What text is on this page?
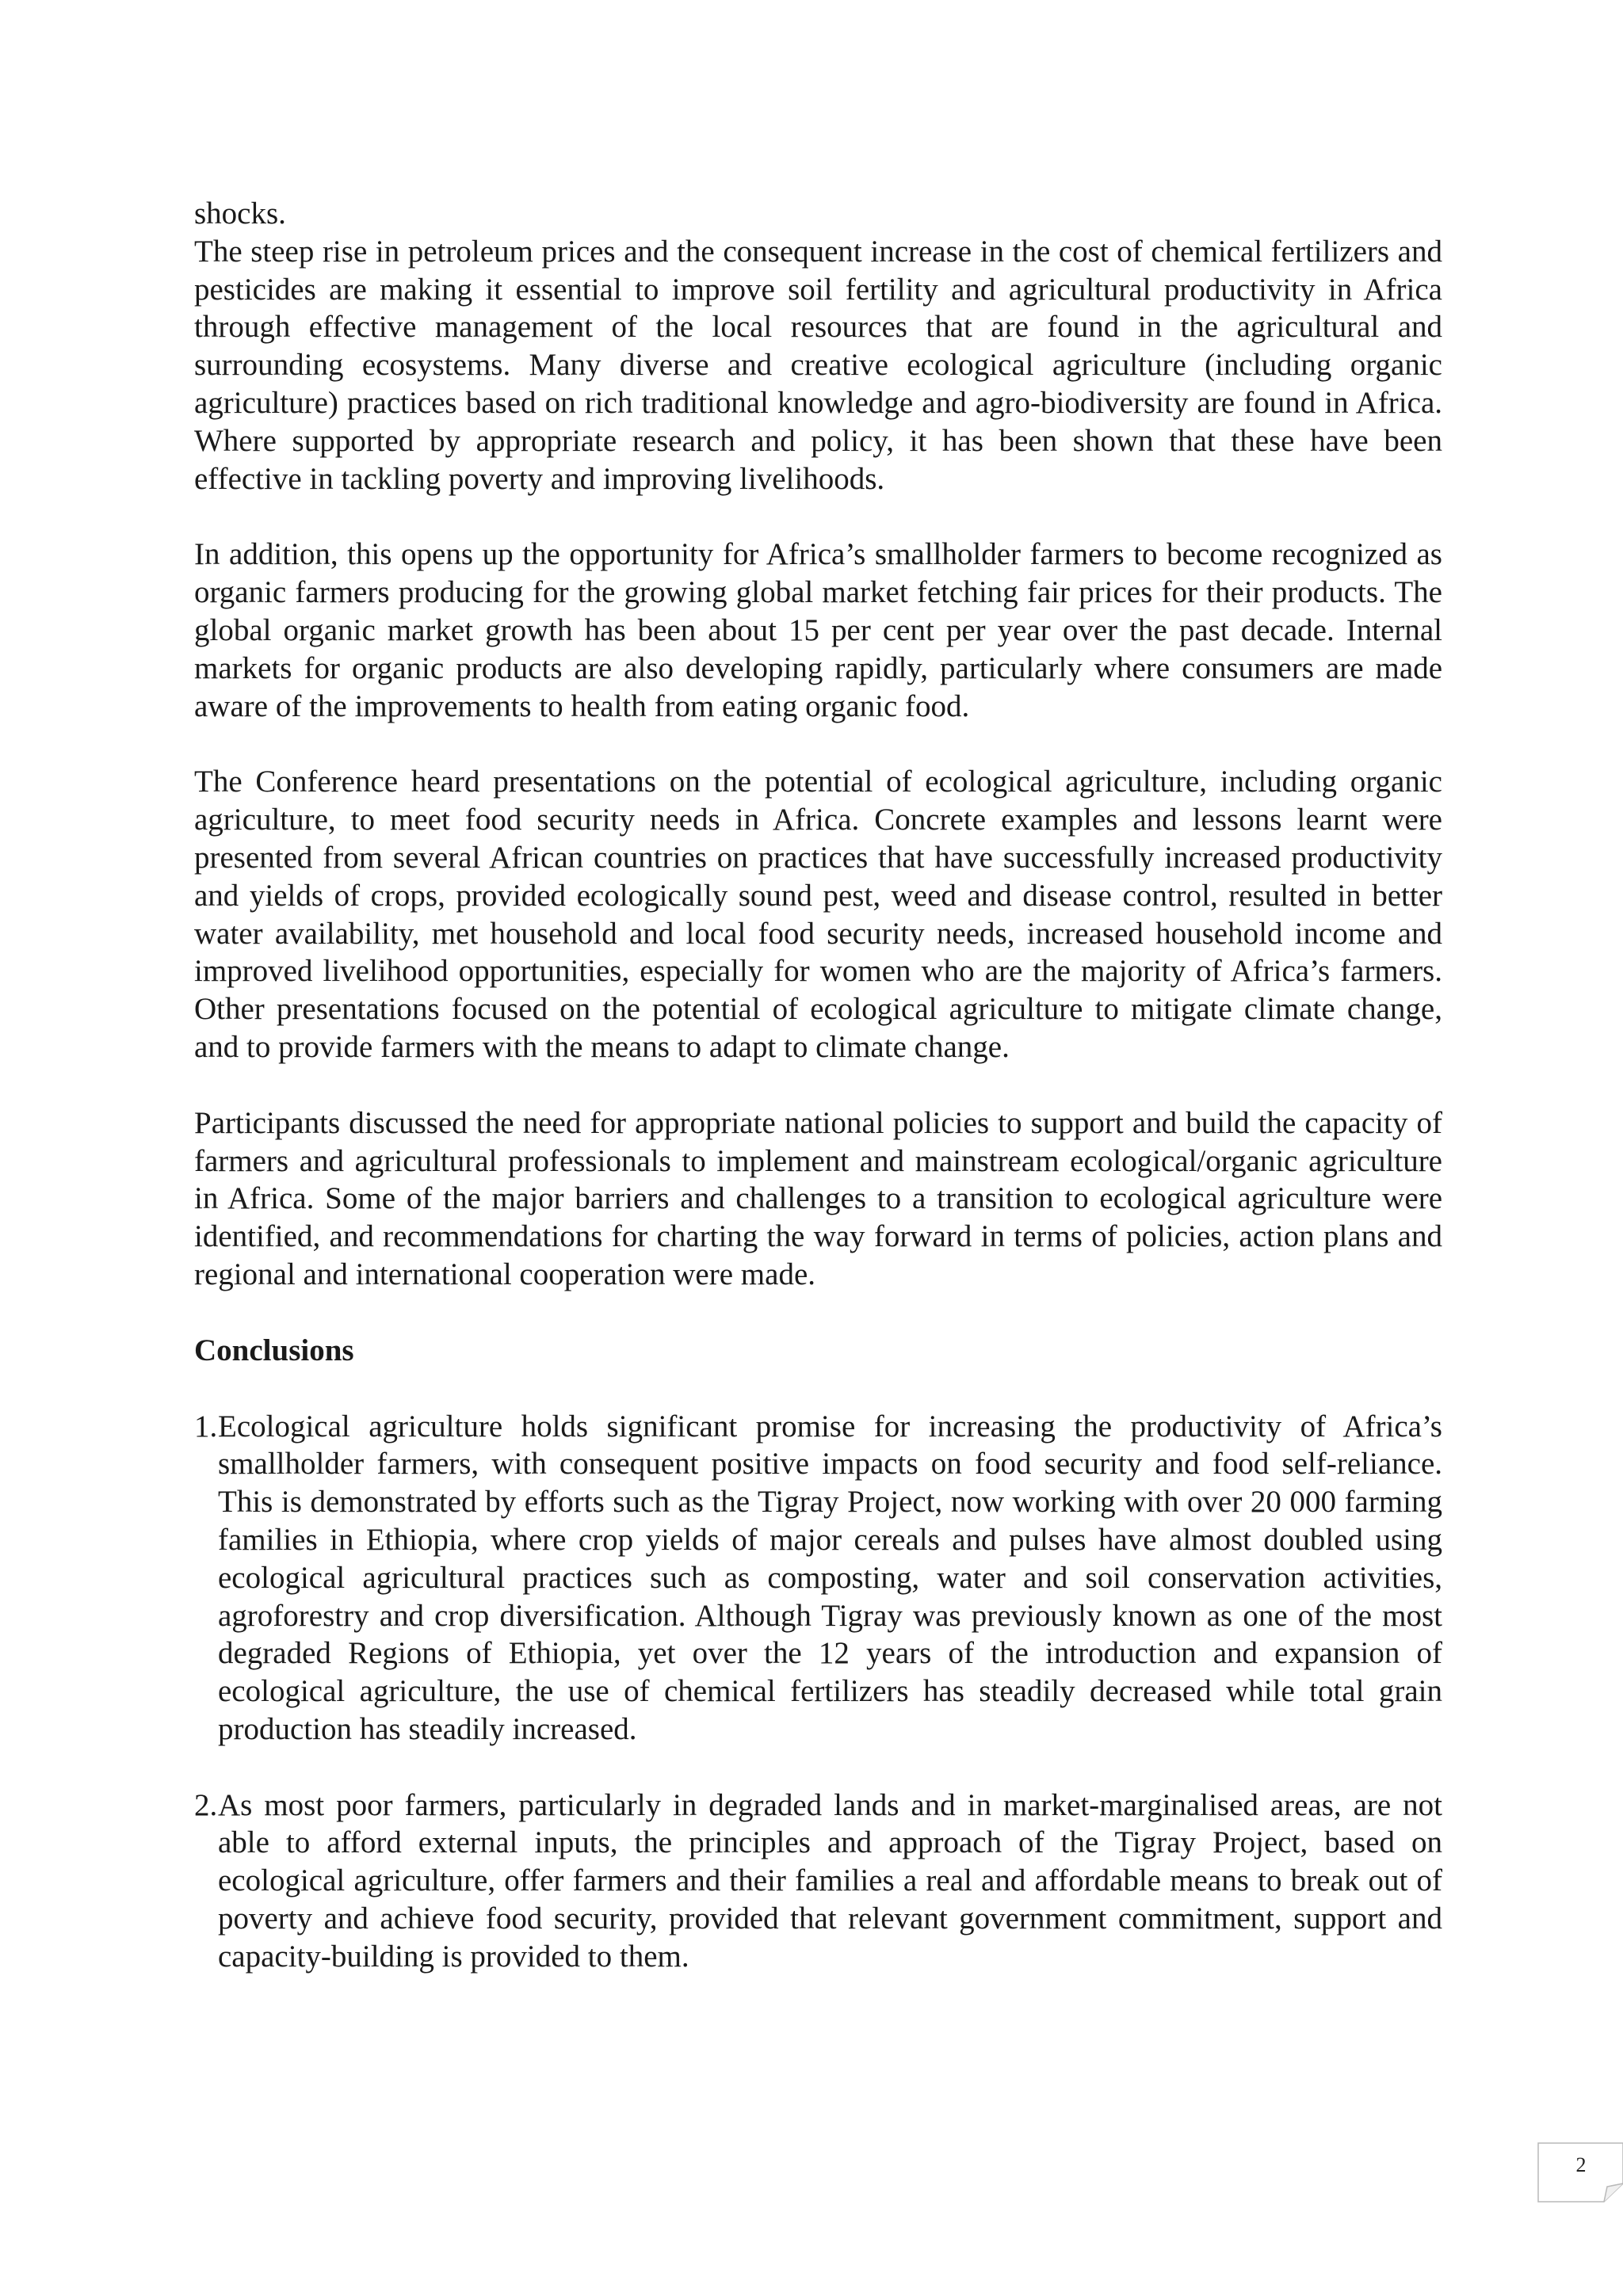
shocks.

The steep rise in petroleum prices and the consequent increase in the cost of chemical fertilizers and pesticides are making it essential to improve soil fertility and agricultural productivity in Africa through effective management of the local resources that are found in the agricultural and surrounding ecosystems. Many diverse and creative ecological agriculture (including organic agriculture) practices based on rich traditional knowledge and agro-biodiversity are found in Africa. Where supported by appropriate research and policy, it has been shown that these have been effective in tackling poverty and improving livelihoods.

In addition, this opens up the opportunity for Africa’s smallholder farmers to become recognized as organic farmers producing for the growing global market fetching fair prices for their products. The global organic market growth has been about 15 per cent per year over the past decade. Internal markets for organic products are also developing rapidly, particularly where consumers are made aware of the improvements to health from eating organic food.

The Conference heard presentations on the potential of ecological agriculture, including organic agriculture, to meet food security needs in Africa. Concrete examples and lessons learnt were presented from several African countries on practices that have successfully increased productivity and yields of crops, provided ecologically sound pest, weed and disease control, resulted in better water availability, met household and local food security needs, increased household income and improved livelihood opportunities, especially for women who are the majority of Africa’s farmers. Other presentations focused on the potential of ecological agriculture to mitigate climate change, and to provide farmers with the means to adapt to climate change.

Participants discussed the need for appropriate national policies to support and build the capacity of farmers and agricultural professionals to implement and mainstream ecological/organic agriculture in Africa. Some of the major barriers and challenges to a transition to ecological agriculture were identified, and recommendations for charting the way forward in terms of policies, action plans and regional and international cooperation were made.

Conclusions
1. Ecological agriculture holds significant promise for increasing the productivity of Africa’s smallholder farmers, with consequent positive impacts on food security and food self-reliance. This is demonstrated by efforts such as the Tigray Project, now working with over 20 000 farming families in Ethiopia, where crop yields of major cereals and pulses have almost doubled using ecological agricultural practices such as composting, water and soil conservation activities, agroforestry and crop diversification. Although Tigray was previously known as one of the most degraded Regions of Ethiopia, yet over the 12 years of the introduction and expansion of ecological agriculture, the use of chemical fertilizers has steadily decreased while total grain production has steadily increased.
2. As most poor farmers, particularly in degraded lands and in market-marginalised areas, are not able to afford external inputs, the principles and approach of the Tigray Project, based on ecological agriculture, offer farmers and their families a real and affordable means to break out of poverty and achieve food security, provided that relevant government commitment, support and capacity-building is provided to them.
2
